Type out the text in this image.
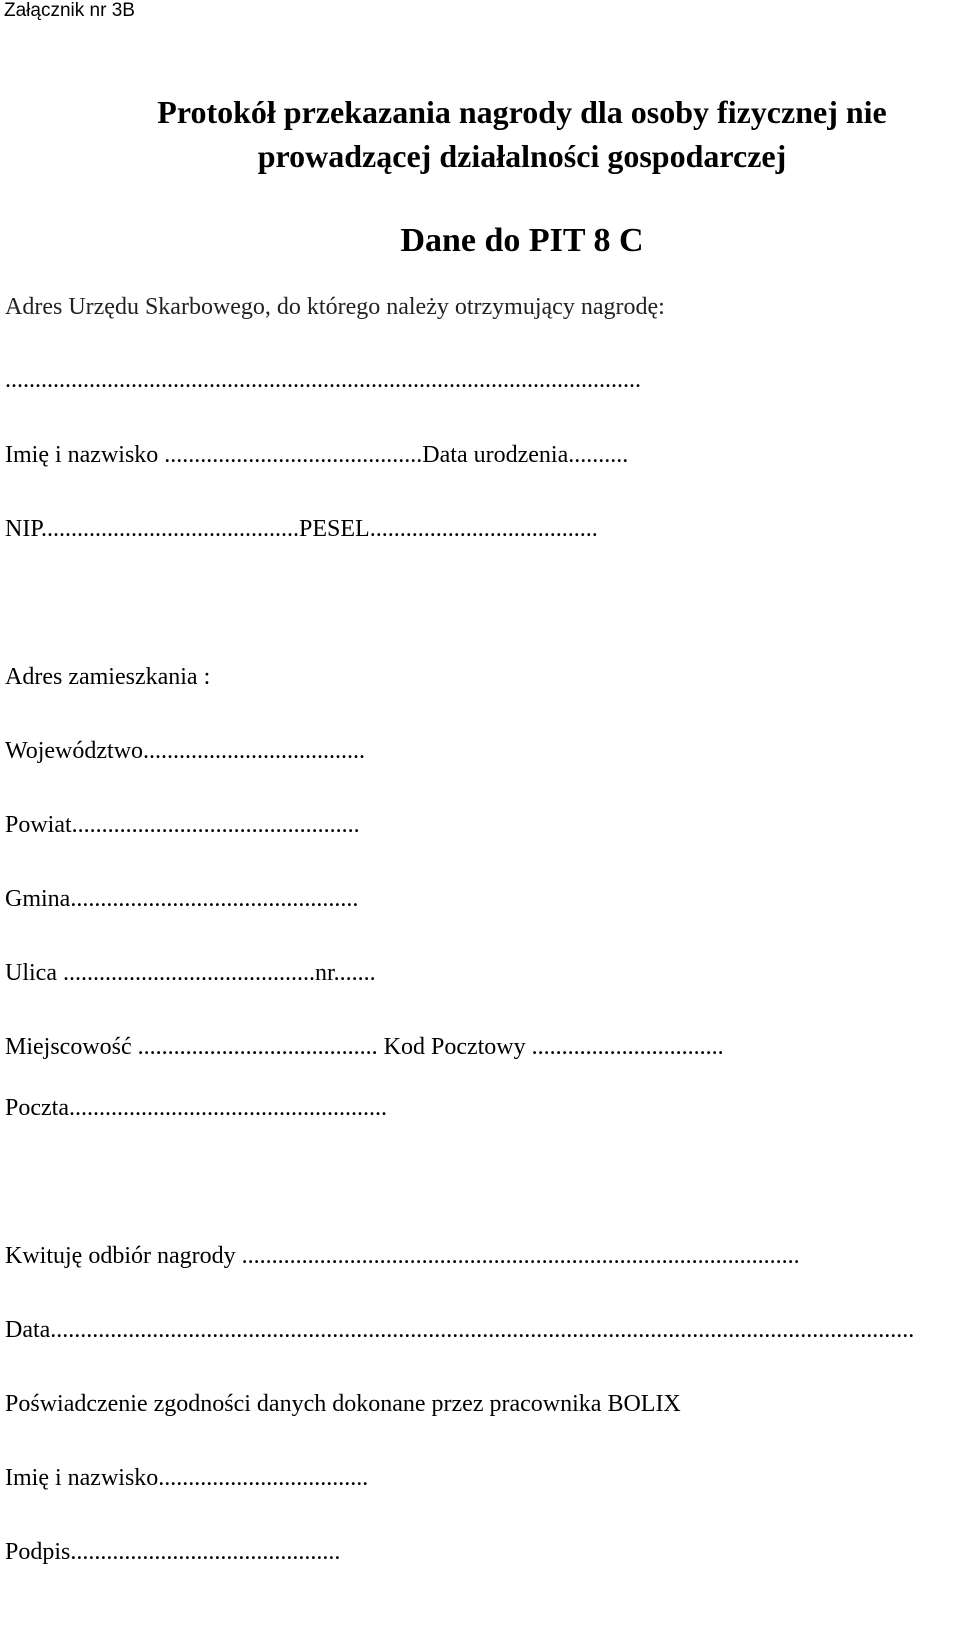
Załącznik nr 3B
Protokół przekazania nagrody dla osoby fizycznej nie
prowadzącej działalności gospodarczej
Dane do PIT 8 C
Adres Urzędu Skarbowego, do którego należy otrzymujący nagrodę:
..........................................................................................................
Imię i nazwisko ...........................................Data urodzenia..........
NIP...........................................PESEL......................................
Adres zamieszkania :
Województwo.....................................
Powiat................................................
Gmina................................................
Ulica ..........................................nr.......
Miejscowość ........................................ Kod Pocztowy ................................
Poczta.....................................................
Kwituję odbiór nagrody .............................................................................................
Data................................................................................................................................................
Poświadczenie zgodności danych dokonane przez pracownika BOLIX
Imię i nazwisko...................................
Podpis.............................................
